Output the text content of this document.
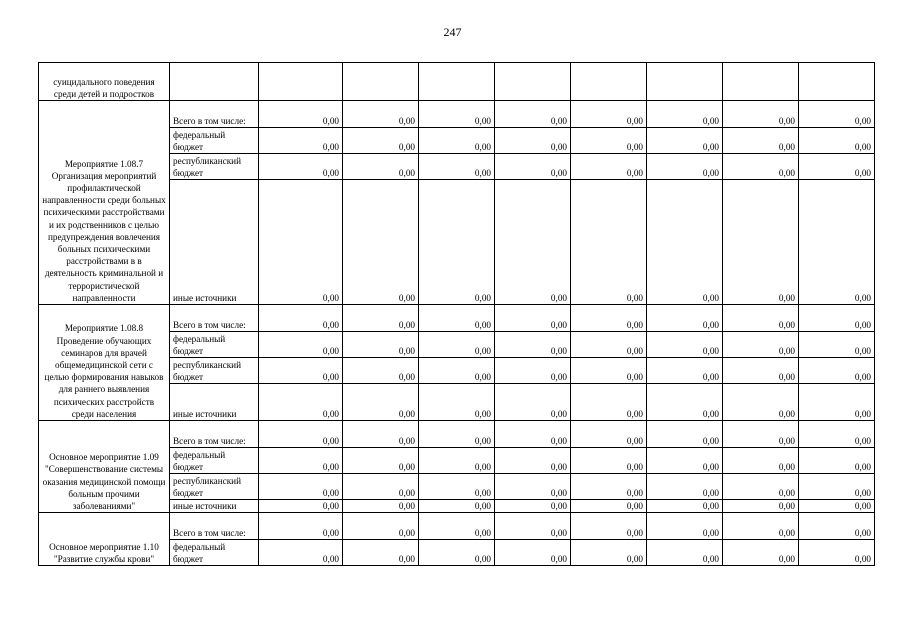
247
суицидального поведения среди детей и подростков									
Мероприятие 1.08.7 Организация мероприятий профилактической направленности среди больных психическими расстройствами и их родственников с целью предупреждения вовлечения больных психическими расстройствами в в деятельность криминальной и террористической направленности	Всего в том числе:	0,00	0,00	0,00	0,00	0,00	0,00	0,00	0,00
	федеральный бюджет	0,00	0,00	0,00	0,00	0,00	0,00	0,00	0,00
	республиканский бюджет	0,00	0,00	0,00	0,00	0,00	0,00	0,00	0,00
	иные источники	0,00	0,00	0,00	0,00	0,00	0,00	0,00	0,00
Мероприятие 1.08.8 Проведение обучающих семинаров для врачей общемедицинской сети с целью формирования навыков для раннего выявления психических расстройств среди населения	Всего в том числе:	0,00	0,00	0,00	0,00	0,00	0,00	0,00	0,00
	федеральный бюджет	0,00	0,00	0,00	0,00	0,00	0,00	0,00	0,00
	республиканский бюджет	0,00	0,00	0,00	0,00	0,00	0,00	0,00	0,00
	иные источники	0,00	0,00	0,00	0,00	0,00	0,00	0,00	0,00
Основное мероприятие 1.09 "Совершенствование системы оказания медицинской помощи больным прочими заболеваниями"	Всего в том числе:	0,00	0,00	0,00	0,00	0,00	0,00	0,00	0,00
	федеральный бюджет	0,00	0,00	0,00	0,00	0,00	0,00	0,00	0,00
	республиканский бюджет	0,00	0,00	0,00	0,00	0,00	0,00	0,00	0,00
	иные источники	0,00	0,00	0,00	0,00	0,00	0,00	0,00	0,00
Основное мероприятие 1.10 "Развитие службы крови"	Всего в том числе:	0,00	0,00	0,00	0,00	0,00	0,00	0,00	0,00
	федеральный бюджет	0,00	0,00	0,00	0,00	0,00	0,00	0,00	0,00
